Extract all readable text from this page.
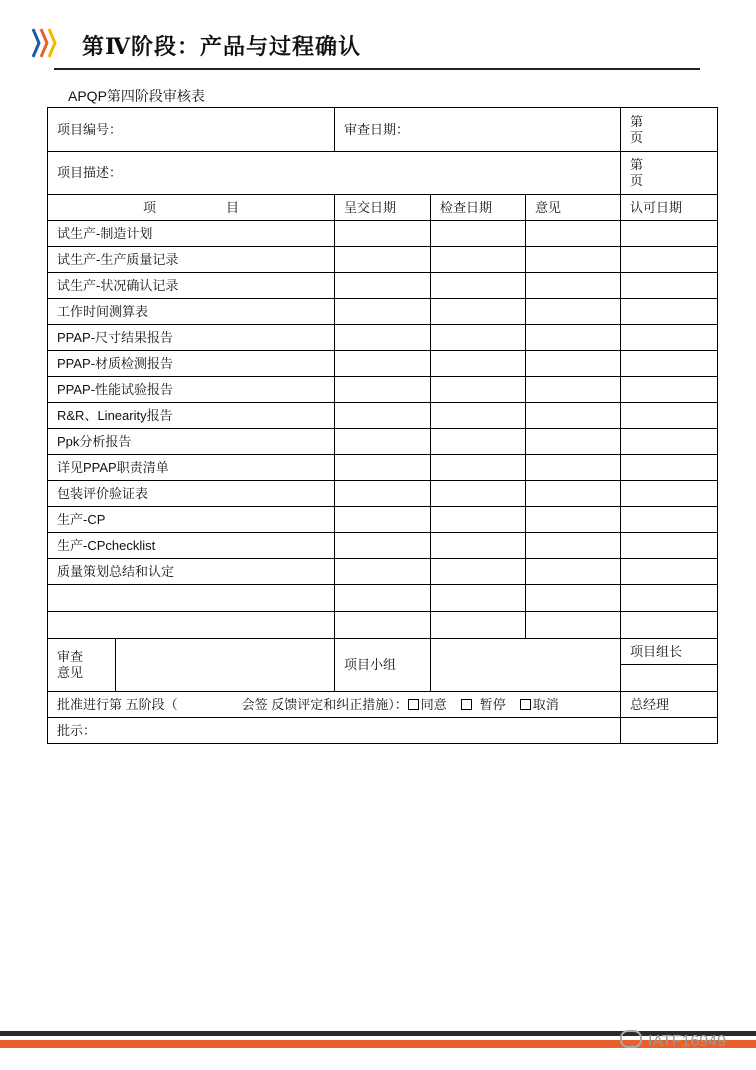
第Ⅳ阶段：产品与过程确认
APQP第四阶段审核表
项目编号：		审查日期：			第
页
项目描述：					第
页
项 目		呈交日期	检查日期	意见	认可日期
试生产-制造计划					
试生产-生产质量记录					
试生产-状况确认记录					
工作时间测算表					
PPAP-尺寸结果报告					
PPAP-材质检测报告					
PPAP-性能试验报告					
R&R、Linearity报告					
Ppk分析报告					
详见PPAP职责清单					
包装评价验证表					
生产-CP					
生产-CPchecklist					
质量策划总结和认定					

审查
意见		项目小组			项目组长

批准进行第 五阶段（ 会签 反馈评定和纠正措施）： 同意 暂停 取消					总经理
批示：					
IATF16949
